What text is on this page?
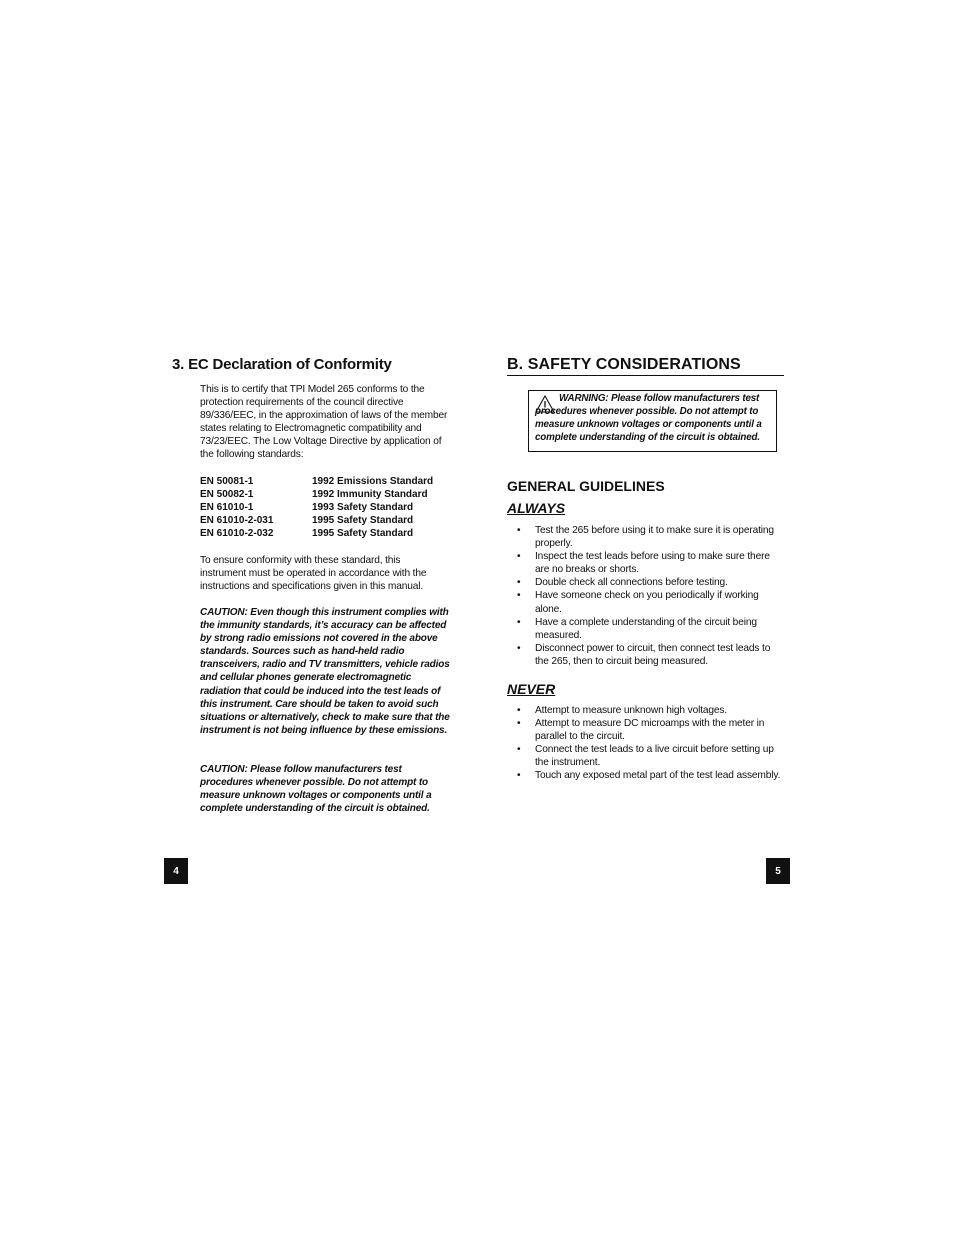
3. EC Declaration of Conformity
This is to certify that TPI Model 265 conforms to the protection requirements of the council directive 89/336/EEC, in the approximation of laws of the member states relating to Electromagnetic compatibility and 73/23/EEC. The Low Voltage Directive by application of the following standards:
EN 50081-1	1992 Emissions Standard
EN 50082-1	1992 Immunity Standard
EN 61010-1	1993 Safety Standard
EN 61010-2-031	1995 Safety Standard
EN 61010-2-032	1995 Safety Standard
To ensure conformity with these standard, this instrument must be operated in accordance with the instructions and specifications given in this manual.
CAUTION: Even though this instrument complies with the immunity standards, it’s accuracy can be affected by strong radio emissions not covered in the above standards. Sources such as hand-held radio transceivers, radio and TV transmitters, vehicle radios and cellular phones generate electromagnetic radiation that could be induced into the test leads of this instrument. Care should be taken to avoid such situations or alternatively, check to make sure that the instrument is not being influence by these emissions.
CAUTION: Please follow manufacturers test procedures whenever possible. Do not attempt to measure unknown voltages or components until a complete understanding of the circuit is obtained.
4
B. SAFETY CONSIDERATIONS
WARNING: Please follow manufacturers test procedures whenever possible. Do not attempt to measure unknown voltages or components until a complete understanding of the circuit is obtained.
GENERAL GUIDELINES
ALWAYS
• Test the 265 before using it to make sure it is operating properly.
• Inspect the test leads before using to make sure there are no breaks or shorts.
• Double check all connections before testing.
• Have someone check on you periodically if working alone.
• Have a complete understanding of the circuit being measured.
• Disconnect power to circuit, then connect test leads to the 265, then to circuit being measured.
NEVER
• Attempt to measure unknown high voltages.
• Attempt to measure DC microamps with the meter in parallel to the circuit.
• Connect the test leads to a live circuit before setting up the instrument.
• Touch any exposed metal part of the test lead assembly.
5
